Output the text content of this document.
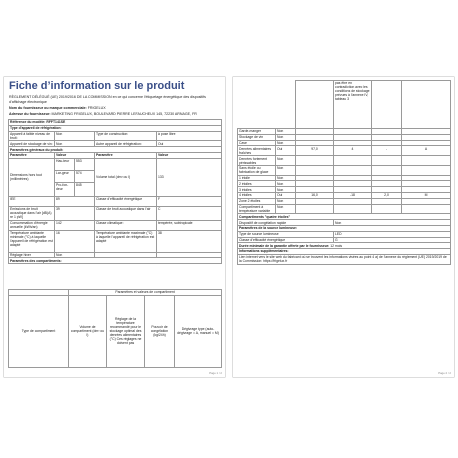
Fiche d’information sur le produit
RÈGLEMENT DÉLÉGUÉ (UE) 2019/2016 DE LA COMMISSION en ce qui concerne l’étiquetage énergétique des dispositifs d’affichage électronique
Nom du fournisseur ou marque commerciale: FRIGELUX
Adresse du fournisseur: MARKETING FRIGELUX, BOULEVARD PIERRE LEFAUCHEUX 145, 72230 ARNAGE, FR
Référence du modèle: RFFT141SE				
Type d’appareil de réfrigération:				
Appareil à faible niveau de bruit:	Non		Type de construction:	à pose libre
Appareil de stockage de vin:	Non		Autre appareil de réfrigération:	Oui
Paramètres généraux du produit:				
Paramètre	Valeur		Paramètre	Valeur
Dimensions hors tout (millimètres)	Hau-teur	553	Volume total (dm³ ou l)	133
	Lar-geur	574		
	Pro-fon-deur	845		
IEE	89		Classe d’efficacité énergétique	F
Émissions de bruit acoustique dans l’air [dB(A) re 1 pW]	39		Classe de bruit acoustique dans l’air	C
Consommation d’énergie annuelle (kWh/an)	142		Classe climatique:	tempérée, subtropicale
Température ambiante minimale (°C) à laquelle l’appareil de réfrigération est adapté	16		Température ambiante maximale (°C) à laquelle l’appareil de réfrigération est adapté	38
Réglage hiver	Non			
Paramètres des compartiments:				
	Paramètres et valeurs de compartiment			
Type de compartiment	Volume de compartiment (dm³ ou l)	Réglage de la température recommandé pour le stockage optimal des denrées alimentaires (°C) Ces réglages ne doivent pas	Pouvoir de congélation (kg/24h)	Dégivrage type (auto-dégivrage = A, manuel = M)
Page 1 / 2
			pas être en contradiction avec les conditions de stockage prévues à l’annexe IV, tableau 3		
Garde-manger	Non				
Stockage de vin	Non				
Cave	Non				
Denrées alimentaires fraîches	Oui	97,0	4	-	A
Denrées fortement périssables	Non				
Sans étoile ou fabrication de glace	Non				
1 étoile	Non				
2 étoiles	Non				
3 étoiles	Non				
4 étoiles	Oui	16,0	-18	2,0	M
Zone 2 étoiles	Non				
Compartiment à température variable	Non				
Compartiments "quatre étoiles"					
Dispositif de congélation rapide			Non		
Paramètres de la source lumineuse:					
Type de source lumineuse			LED		
Classe d’efficacité énergétique			G		
Durée minimale de la garantie offerte par le fournisseur: 12 mois					
Informations supplémentaires:					
Lien internet vers le site web du fabricant où se trouvent les informations visées au point 4 a) de l’annexe du règlement (UE) 2019/2019 de la Commission: https://frigelux.fr					
Page 2 / 2
